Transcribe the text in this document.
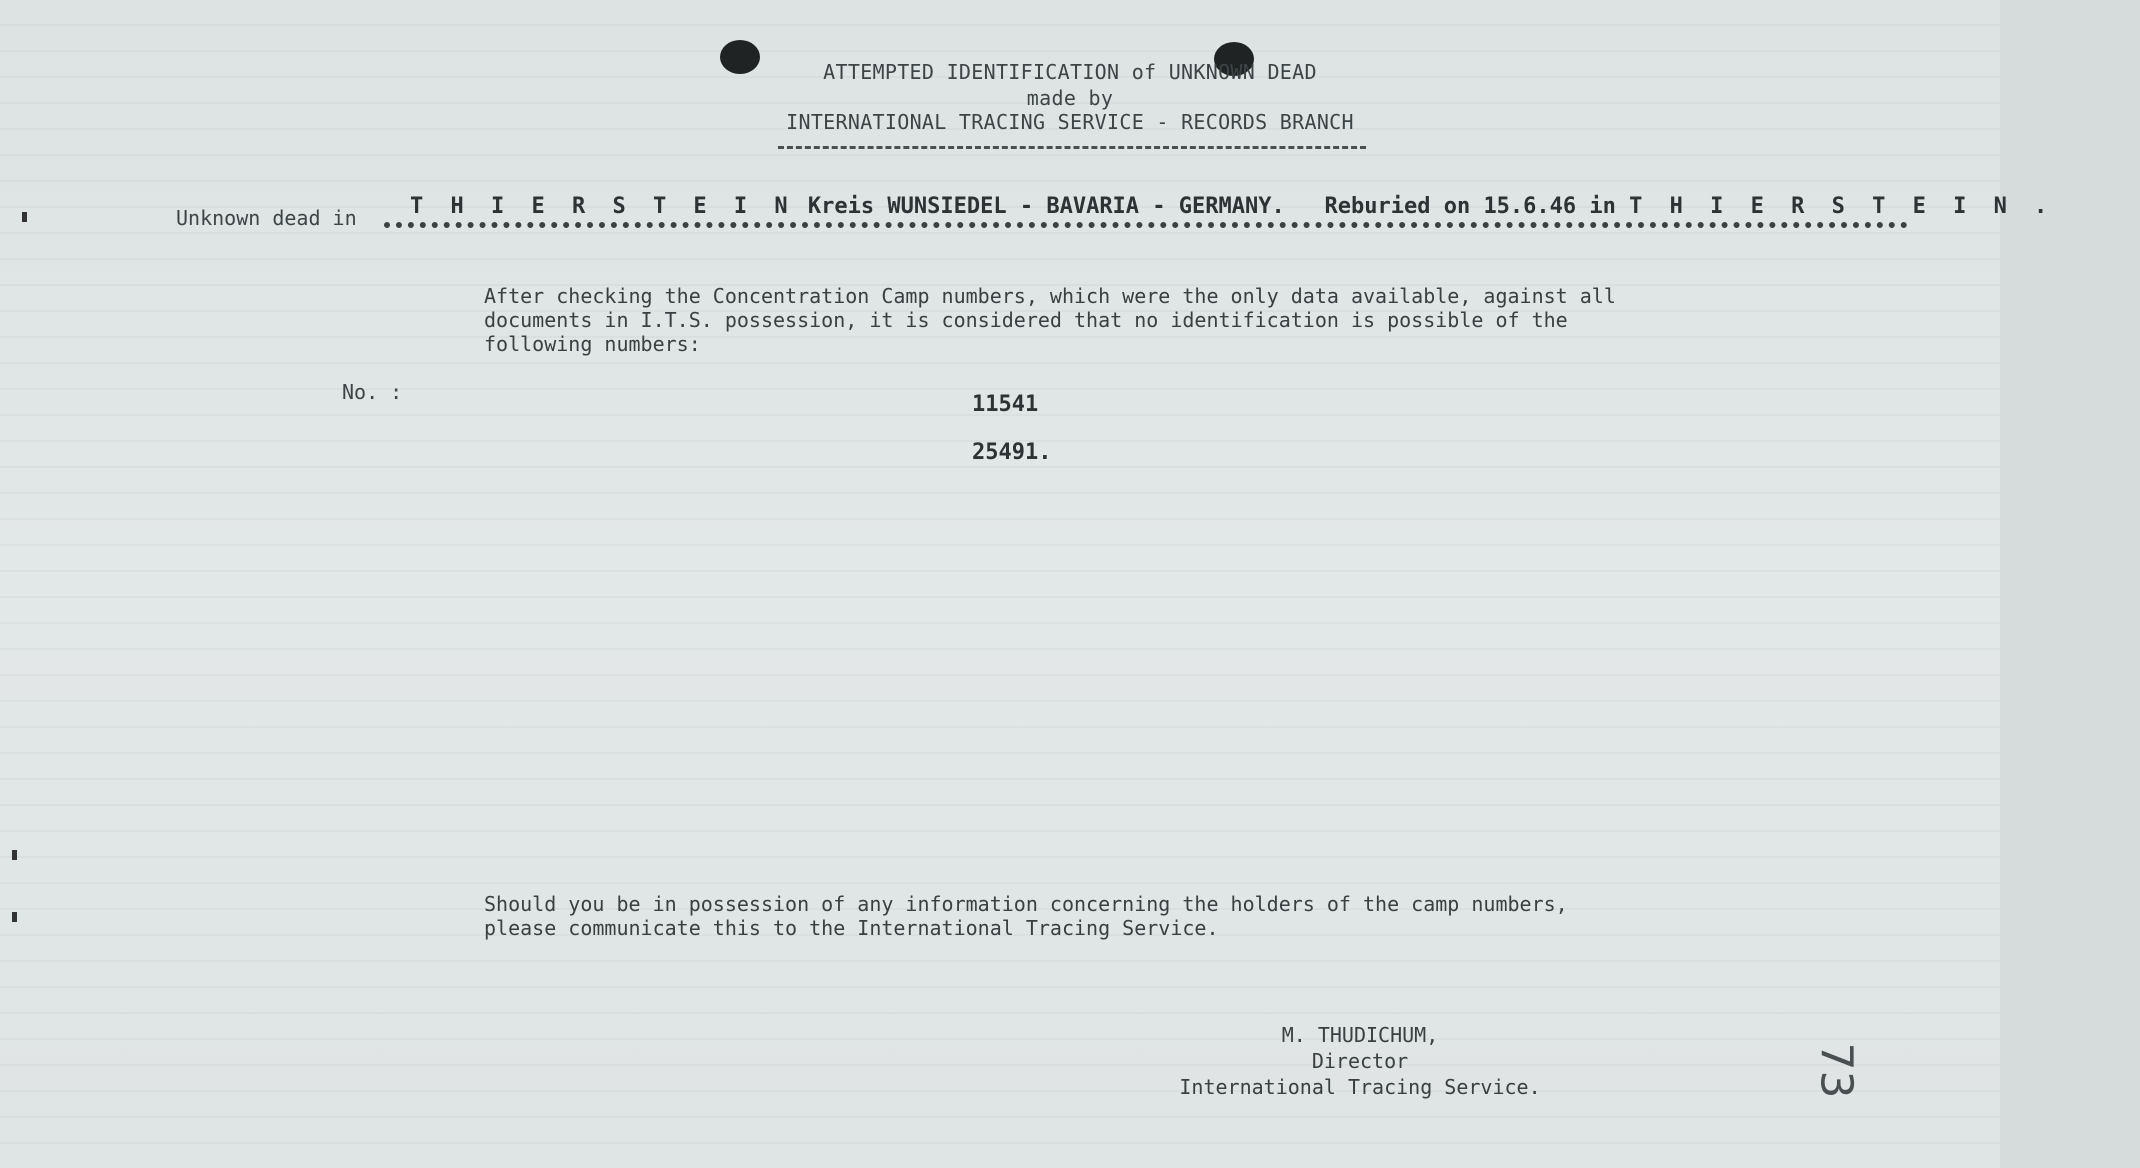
ATTEMPTED IDENTIFICATION of UNKNOWN DEAD
made by
INTERNATIONAL TRACING SERVICE - RECORDS BRANCH
Unknown dead in T H I E R S T E I N Kreis WUNSIEDEL - BAVARIA - GERMANY. Reburied on 15.6.46 in T H I E R S T E I N .
After checking the Concentration Camp numbers, which were the only data available, against all
documents in I.T.S. possession, it is considered that no identification is possible of the
following numbers:
No. :	11541
25491.
Should you be in possession of any information concerning the holders of the camp numbers,
please communicate this to the International Tracing Service.
M. THUDICHUM,
Director
International Tracing Service.	73
